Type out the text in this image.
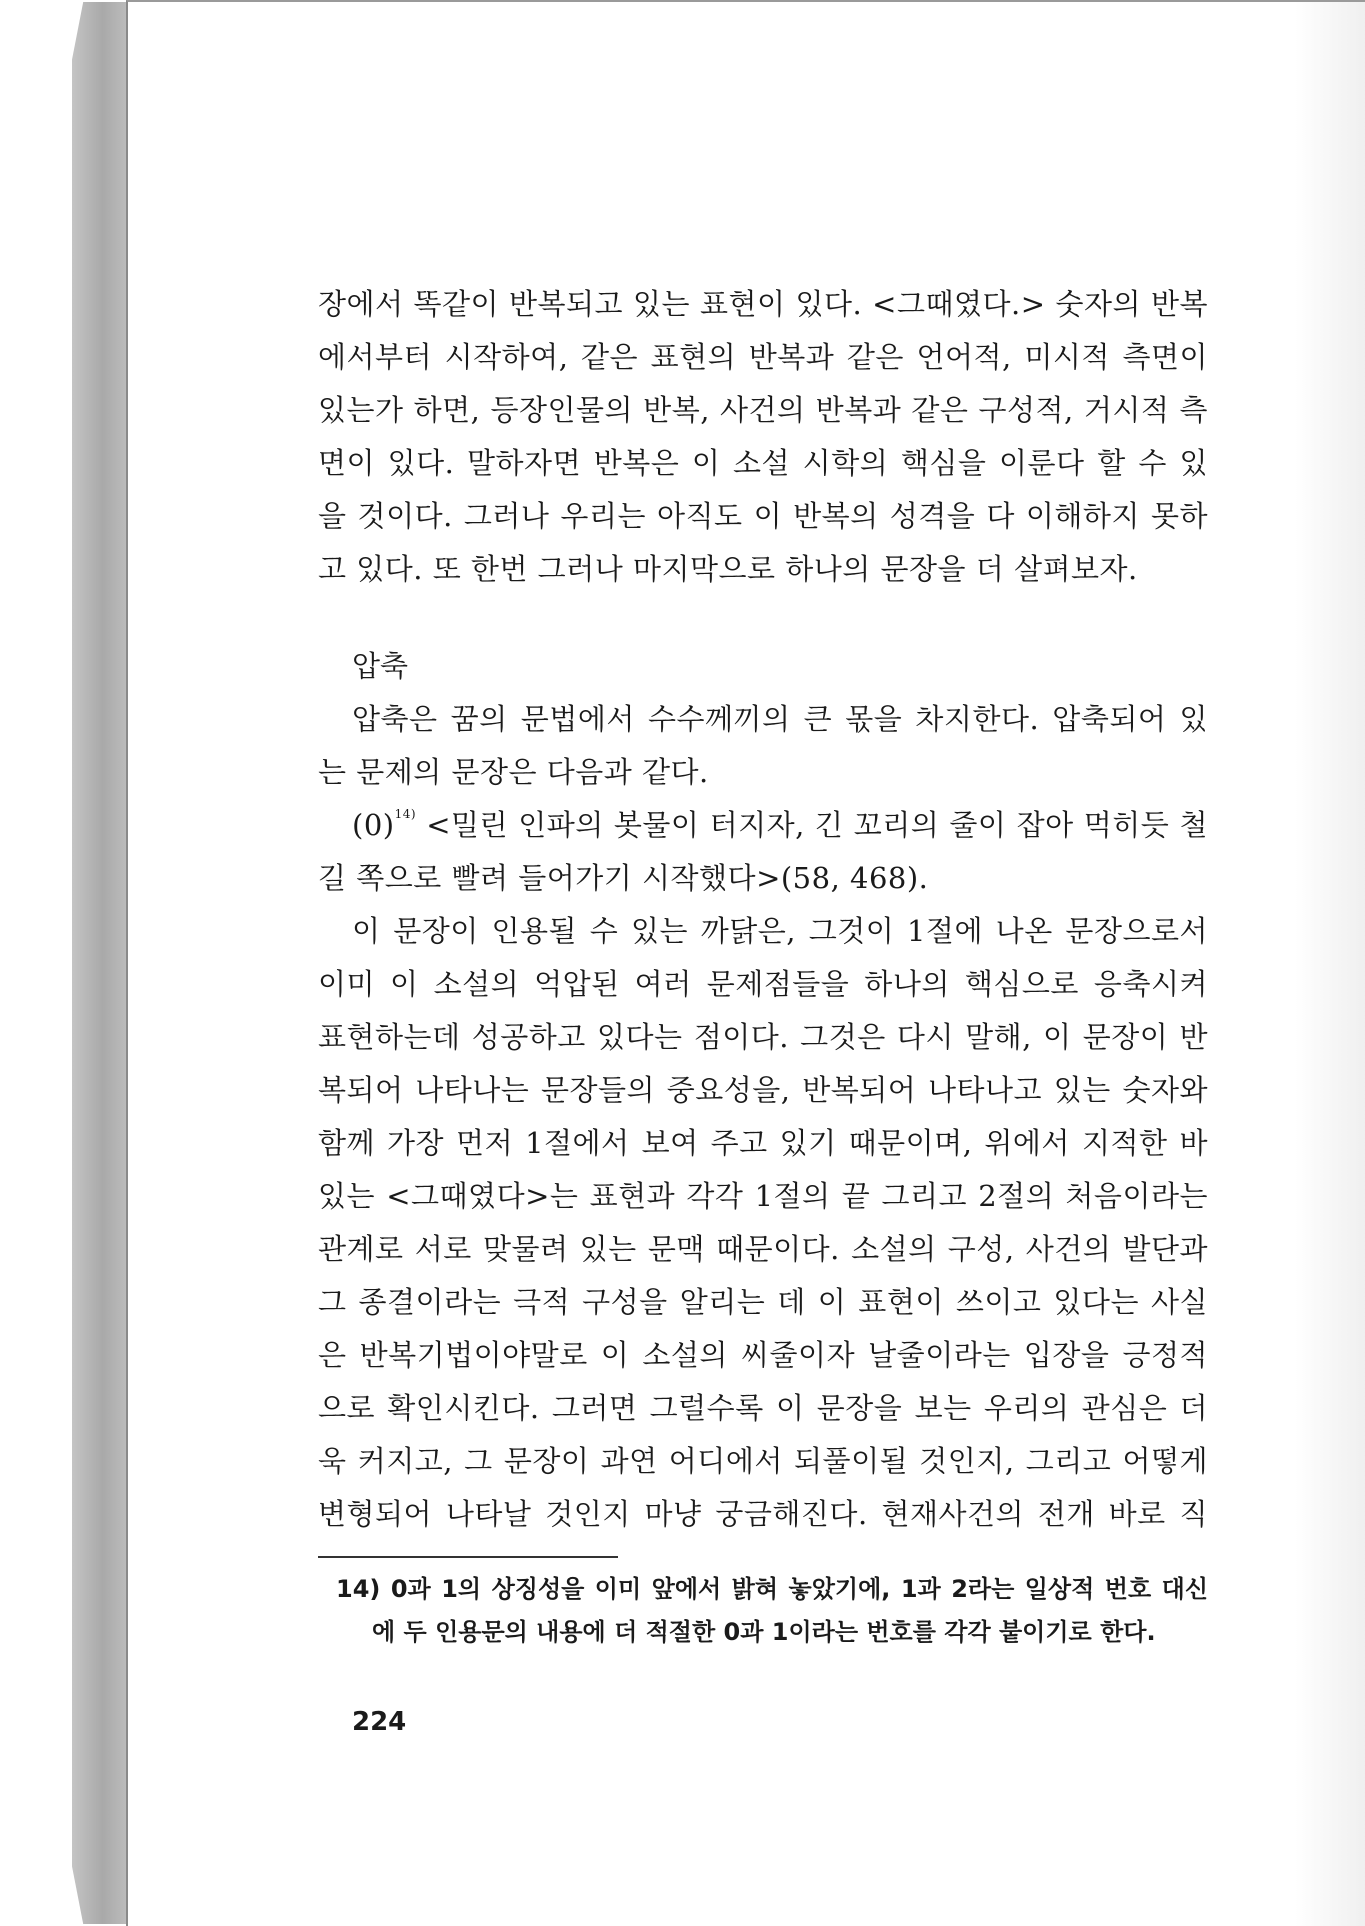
장에서 똑같이 반복되고 있는 표현이 있다. <그때였다.> 숫자의 반복
에서부터 시작하여, 같은 표현의 반복과 같은 언어적, 미시적 측면이
있는가 하면, 등장인물의 반복, 사건의 반복과 같은 구성적, 거시적 측
면이 있다. 말하자면 반복은 이 소설 시학의 핵심을 이룬다 할 수 있
을 것이다. 그러나 우리는 아직도 이 반복의 성격을 다 이해하지 못하
고 있다. 또 한번 그러나 마지막으로 하나의 문장을 더 살펴보자.
압축
압축은 꿈의 문법에서 수수께끼의 큰 몫을 차지한다. 압축되어 있
는 문제의 문장은 다음과 같다.
$(0)^{14)}$ <밀린 인파의 봇물이 터지자, 긴 꼬리의 줄이 잡아 먹히듯 철
길 쪽으로 빨려 들어가기 시작했다>(58, 468).
이 문장이 인용될 수 있는 까닭은, 그것이 1절에 나온 문장으로서
이미 이 소설의 억압된 여러 문제점들을 하나의 핵심으로 응축시켜
표현하는데 성공하고 있다는 점이다. 그것은 다시 말해, 이 문장이 반
복되어 나타나는 문장들의 중요성을, 반복되어 나타나고 있는 숫자와
함께 가장 먼저 1절에서 보여 주고 있기 때문이며, 위에서 지적한 바
있는 <그때였다>는 표현과 각각 1절의 끝 그리고 2절의 처음이라는
관계로 서로 맞물려 있는 문맥 때문이다. 소설의 구성, 사건의 발단과
그 종결이라는 극적 구성을 알리는 데 이 표현이 쓰이고 있다는 사실
은 반복기법이야말로 이 소설의 씨줄이자 날줄이라는 입장을 긍정적
으로 확인시킨다. 그러면 그럴수록 이 문장을 보는 우리의 관심은 더
욱 커지고, 그 문장이 과연 어디에서 되풀이될 것인지, 그리고 어떻게
변형되어 나타날 것인지 마냥 궁금해진다. 현재사건의 전개 바로 직
14) 0과 1의 상징성을 이미 앞에서 밝혀 놓았기에, 1과 2라는 일상적 번호 대신
에 두 인용문의 내용에 더 적절한 0과 1이라는 번호를 각각 붙이기로 한다.
224
